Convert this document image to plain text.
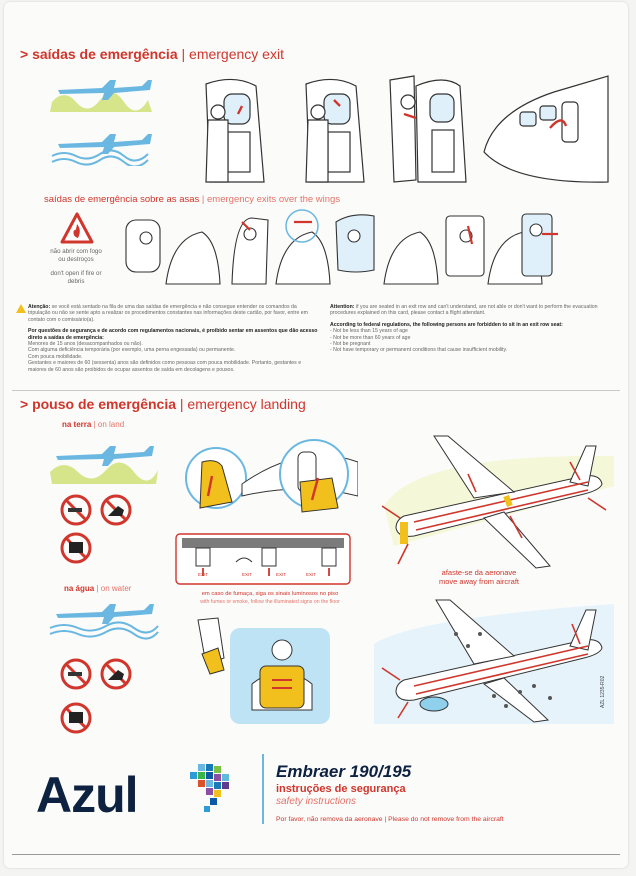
> saídas de emergência | emergency exit
saídas de emergência sobre as asas | emergency exits over the wings
não abrir com fogo ou destroços
don't open if fire or debris
Atenção: se você está sentado na fila de uma das saídas de emergência e não consegue entender os comandos da tripulação ou não se sente apto a realizar os procedimentos constantes nas informações deste cartão, por favor, entre em contato com o comissário(a).
Por questões de segurança e de acordo com regulamentos nacionais, é proibido sentar em assentos que dão acesso direto a saídas de emergência:
Menores de 15 anos (desacompanhados ou não).
Com alguma deficiência temporária (por exemplo, uma perna engessada) ou permanente.
Com pouca mobilidade.
Gestantes e maiores de 60 (sessenta) anos são definidos como pessoas com pouca mobilidade. Portanto, gestantes e maiores de 60 anos são proibidos de ocupar assentos de saída em decolagens e pousos.
Attention: if you are seated in an exit row and can't understand, are not able or don't want to perform the evacuation procedures explained on this card, please contact a flight attendant.
According to federal regulations, the following persons are forbidden to sit in an exit row seat:
- Not be less than 15 years of age
- Not be more than 60 years of age
- Not be pregnant
- Not have temporary or permanent conditions that cause insufficient mobility.
> pouso de emergência | emergency landing
na terra | on land
na água | on water
EXIT	EXIT	EXIT	EXIT
em caso de fumaça, siga os sinais luminosos no piso
with fumes or smoke, follow the illuminated signs on the floor
afaste-se da aeronave
move away from aircraft
AZL 1235-R02
Azul	Embraer 190/195
instruções de segurança
safety instructions
Por favor, não remova da aeronave | Please do not remove from the aircraft
